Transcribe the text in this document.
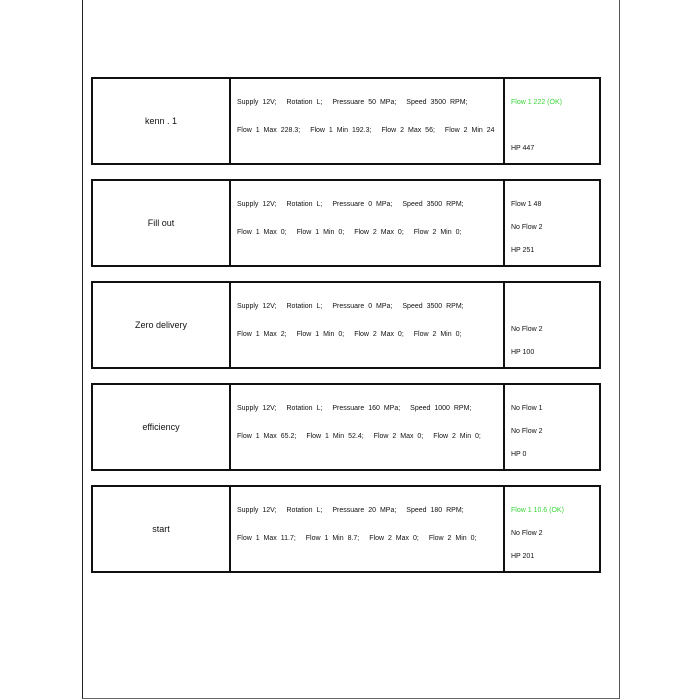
kenn . 1
Supply 12V; Rotation L; Pressuare 50 MPa; Speed 3500 RPM;
Flow 1 Max 228.3; Flow 1 Min 192.3; Flow 2 Max 56; Flow 2 Min 24
Flow 1 222 (OK)
HP 447
Fill out
Supply 12V; Rotation L; Pressuare 0 MPa; Speed 3500 RPM;
Flow 1 Max 0; Flow 1 Min 0; Flow 2 Max 0; Flow 2 Min 0;
Flow 1 48
No Flow 2
HP 251
Zero delivery
Supply 12V; Rotation L; Pressuare 0 MPa; Speed 3500 RPM;
Flow 1 Max 2; Flow 1 Min 0; Flow 2 Max 0; Flow 2 Min 0;
No Flow 2
HP 100
efficiency
Supply 12V; Rotation L; Pressuare 160 MPa; Speed 1000 RPM;
Flow 1 Max 65.2; Flow 1 Min 52.4; Flow 2 Max 0; Flow 2 Min 0;
No Flow 1
No Flow 2
HP 0
start
Supply 12V; Rotation L; Pressuare 20 MPa; Speed 180 RPM;
Flow 1 Max 11.7; Flow 1 Min 8.7; Flow 2 Max 0; Flow 2 Min 0;
Flow 1 10.6 (OK)
No Flow 2
HP 201
